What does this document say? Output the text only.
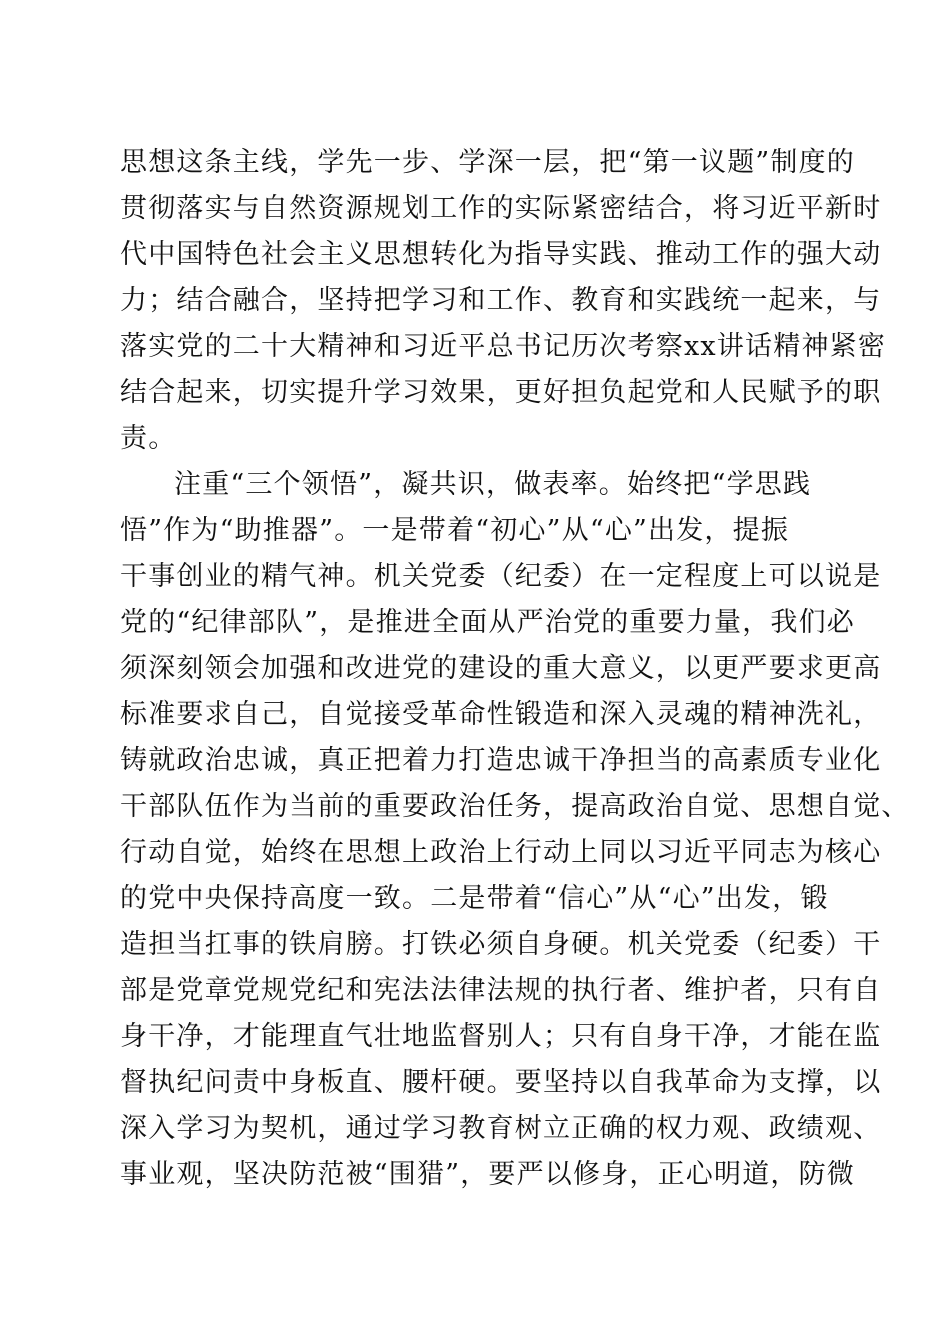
思想这条主线，学先一步、学深一层，把“第一议题”制度的
贯彻落实与自然资源规划工作的实际紧密结合，将习近平新时
代中国特色社会主义思想转化为指导实践、推动工作的强大动
力；结合融合，坚持把学习和工作、教育和实践统一起来，与
落实党的二十大精神和习近平总书记历次考察xx讲话精神紧密
结合起来，切实提升学习效果，更好担负起党和人民赋予的职
责。
注重“三个领悟”，凝共识，做表率。始终把“学思践
悟”作为“助推器”。一是带着“初心”从“心”出发，提振
干事创业的精气神。机关党委（纪委）在一定程度上可以说是
党的“纪律部队”，是推进全面从严治党的重要力量，我们必
须深刻领会加强和改进党的建设的重大意义，以更严要求更高
标准要求自己，自觉接受革命性锻造和深入灵魂的精神洗礼，
铸就政治忠诚，真正把着力打造忠诚干净担当的高素质专业化
干部队伍作为当前的重要政治任务，提高政治自觉、思想自觉、
行动自觉，始终在思想上政治上行动上同以习近平同志为核心
的党中央保持高度一致。二是带着“信心”从“心”出发，锻
造担当扛事的铁肩膀。打铁必须自身硬。机关党委（纪委）干
部是党章党规党纪和宪法法律法规的执行者、维护者，只有自
身干净，才能理直气壮地监督别人；只有自身干净，才能在监
督执纪问责中身板直、腰杆硬。要坚持以自我革命为支撑，以
深入学习为契机，通过学习教育树立正确的权力观、政绩观、
事业观，坚决防范被“围猎”，要严以修身，正心明道，防微
